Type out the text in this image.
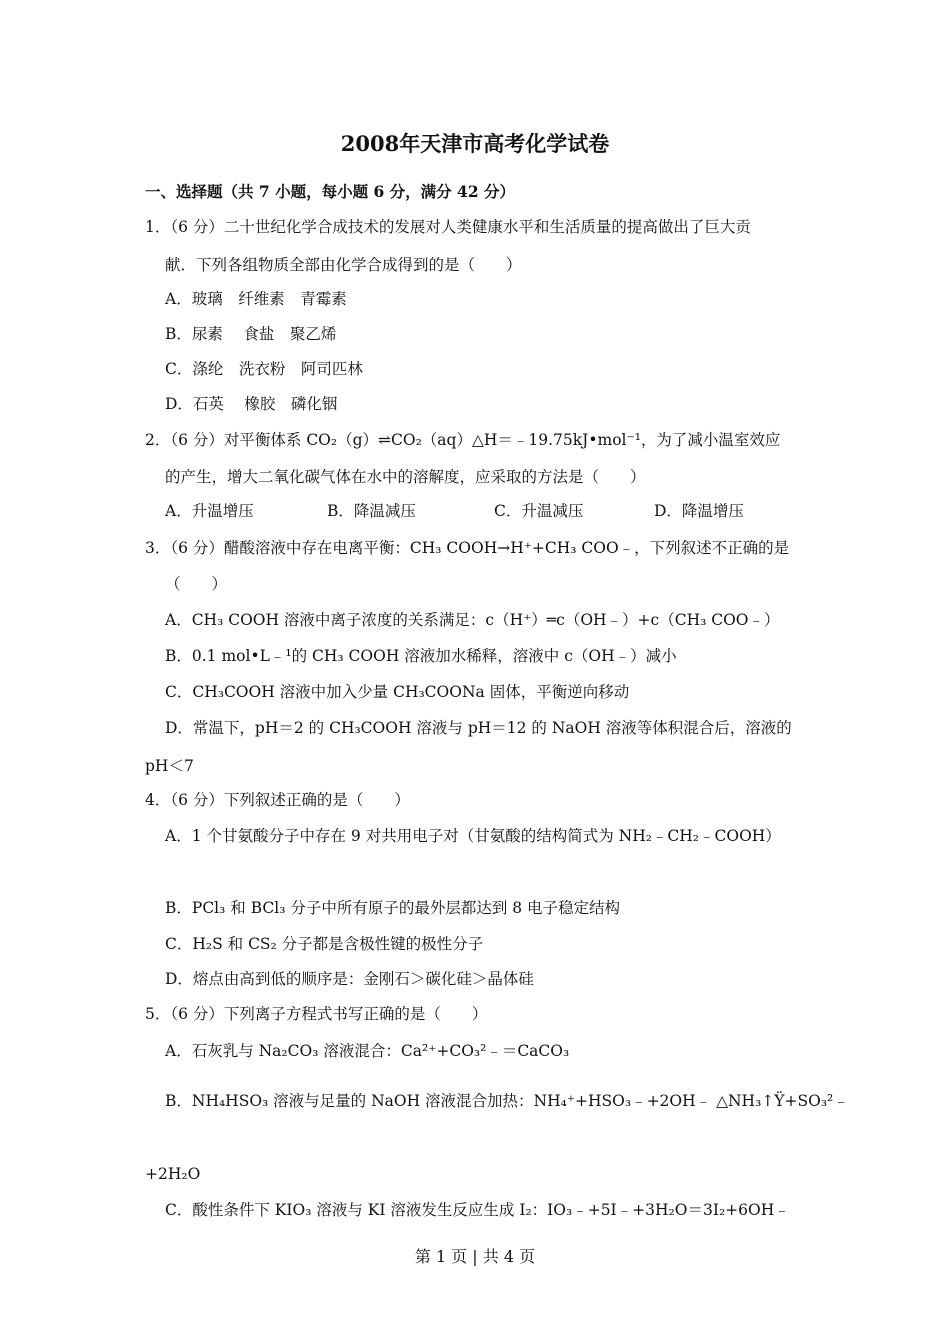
2008年天津市高考化学试卷
一、选择题（共 7 小题，每小题 6 分，满分 42 分）
1．（6 分）二十世纪化学合成技术的发展对人类健康水平和生活质量的提高做出了巨大贡
献．下列各组物质全部由化学合成得到的是（　　）
A．玻璃　纤维素　青霉素
B．尿素　 食盐　聚乙烯
C．涤纶　洗衣粉　阿司匹林
D．石英　 橡胶　磷化铟
2．（6 分）对平衡体系 CO₂（g）⇌CO₂（aq）△H＝﹣19.75kJ•mol⁻¹，为了减小温室效应
的产生，增大二氧化碳气体在水中的溶解度，应采取的方法是（　　）
A．升温增压	B．降温减压	C．升温减压	D．降温增压
3．（6 分）醋酸溶液中存在电离平衡：CH₃ COOH→H⁺+CH₃ COO﹣，下列叙述不正确的是
（　　）
A．CH₃ COOH 溶液中离子浓度的关系满足：c（H⁺）═c（OH﹣）+c（CH₃ COO﹣）
B．0.1 mol•L﹣¹的 CH₃ COOH 溶液加水稀释，溶液中 c（OH﹣）减小
C．CH₃COOH 溶液中加入少量 CH₃COONa 固体，平衡逆向移动
D．常温下，pH＝2 的 CH₃COOH 溶液与 pH＝12 的 NaOH 溶液等体积混合后，溶液的
pH＜7
4．（6 分）下列叙述正确的是（　　）
A．1 个甘氨酸分子中存在 9 对共用电子对（甘氨酸的结构简式为 NH₂﹣CH₂﹣COOH）
B．PCl₃ 和 BCl₃ 分子中所有原子的最外层都达到 8 电子稳定结构
C．H₂S 和 CS₂ 分子都是含极性键的极性分子
D．熔点由高到低的顺序是：金刚石＞碳化硅＞晶体硅
5．（6 分）下列离子方程式书写正确的是（　　）
A．石灰乳与 Na₂CO₃ 溶液混合：Ca²⁺+CO₃²﹣＝CaCO₃
B．NH₄HSO₃ 溶液与足量的 NaOH 溶液混合加热：NH₄⁺+HSO₃﹣+2OH﹣ △NH₃↑Ÿ+SO₃²﹣
+2H₂O
C．酸性条件下 KIO₃ 溶液与 KI 溶液发生反应生成 I₂：IO₃﹣+5I﹣+3H₂O＝3I₂+6OH﹣
第 1 页 | 共 4 页
